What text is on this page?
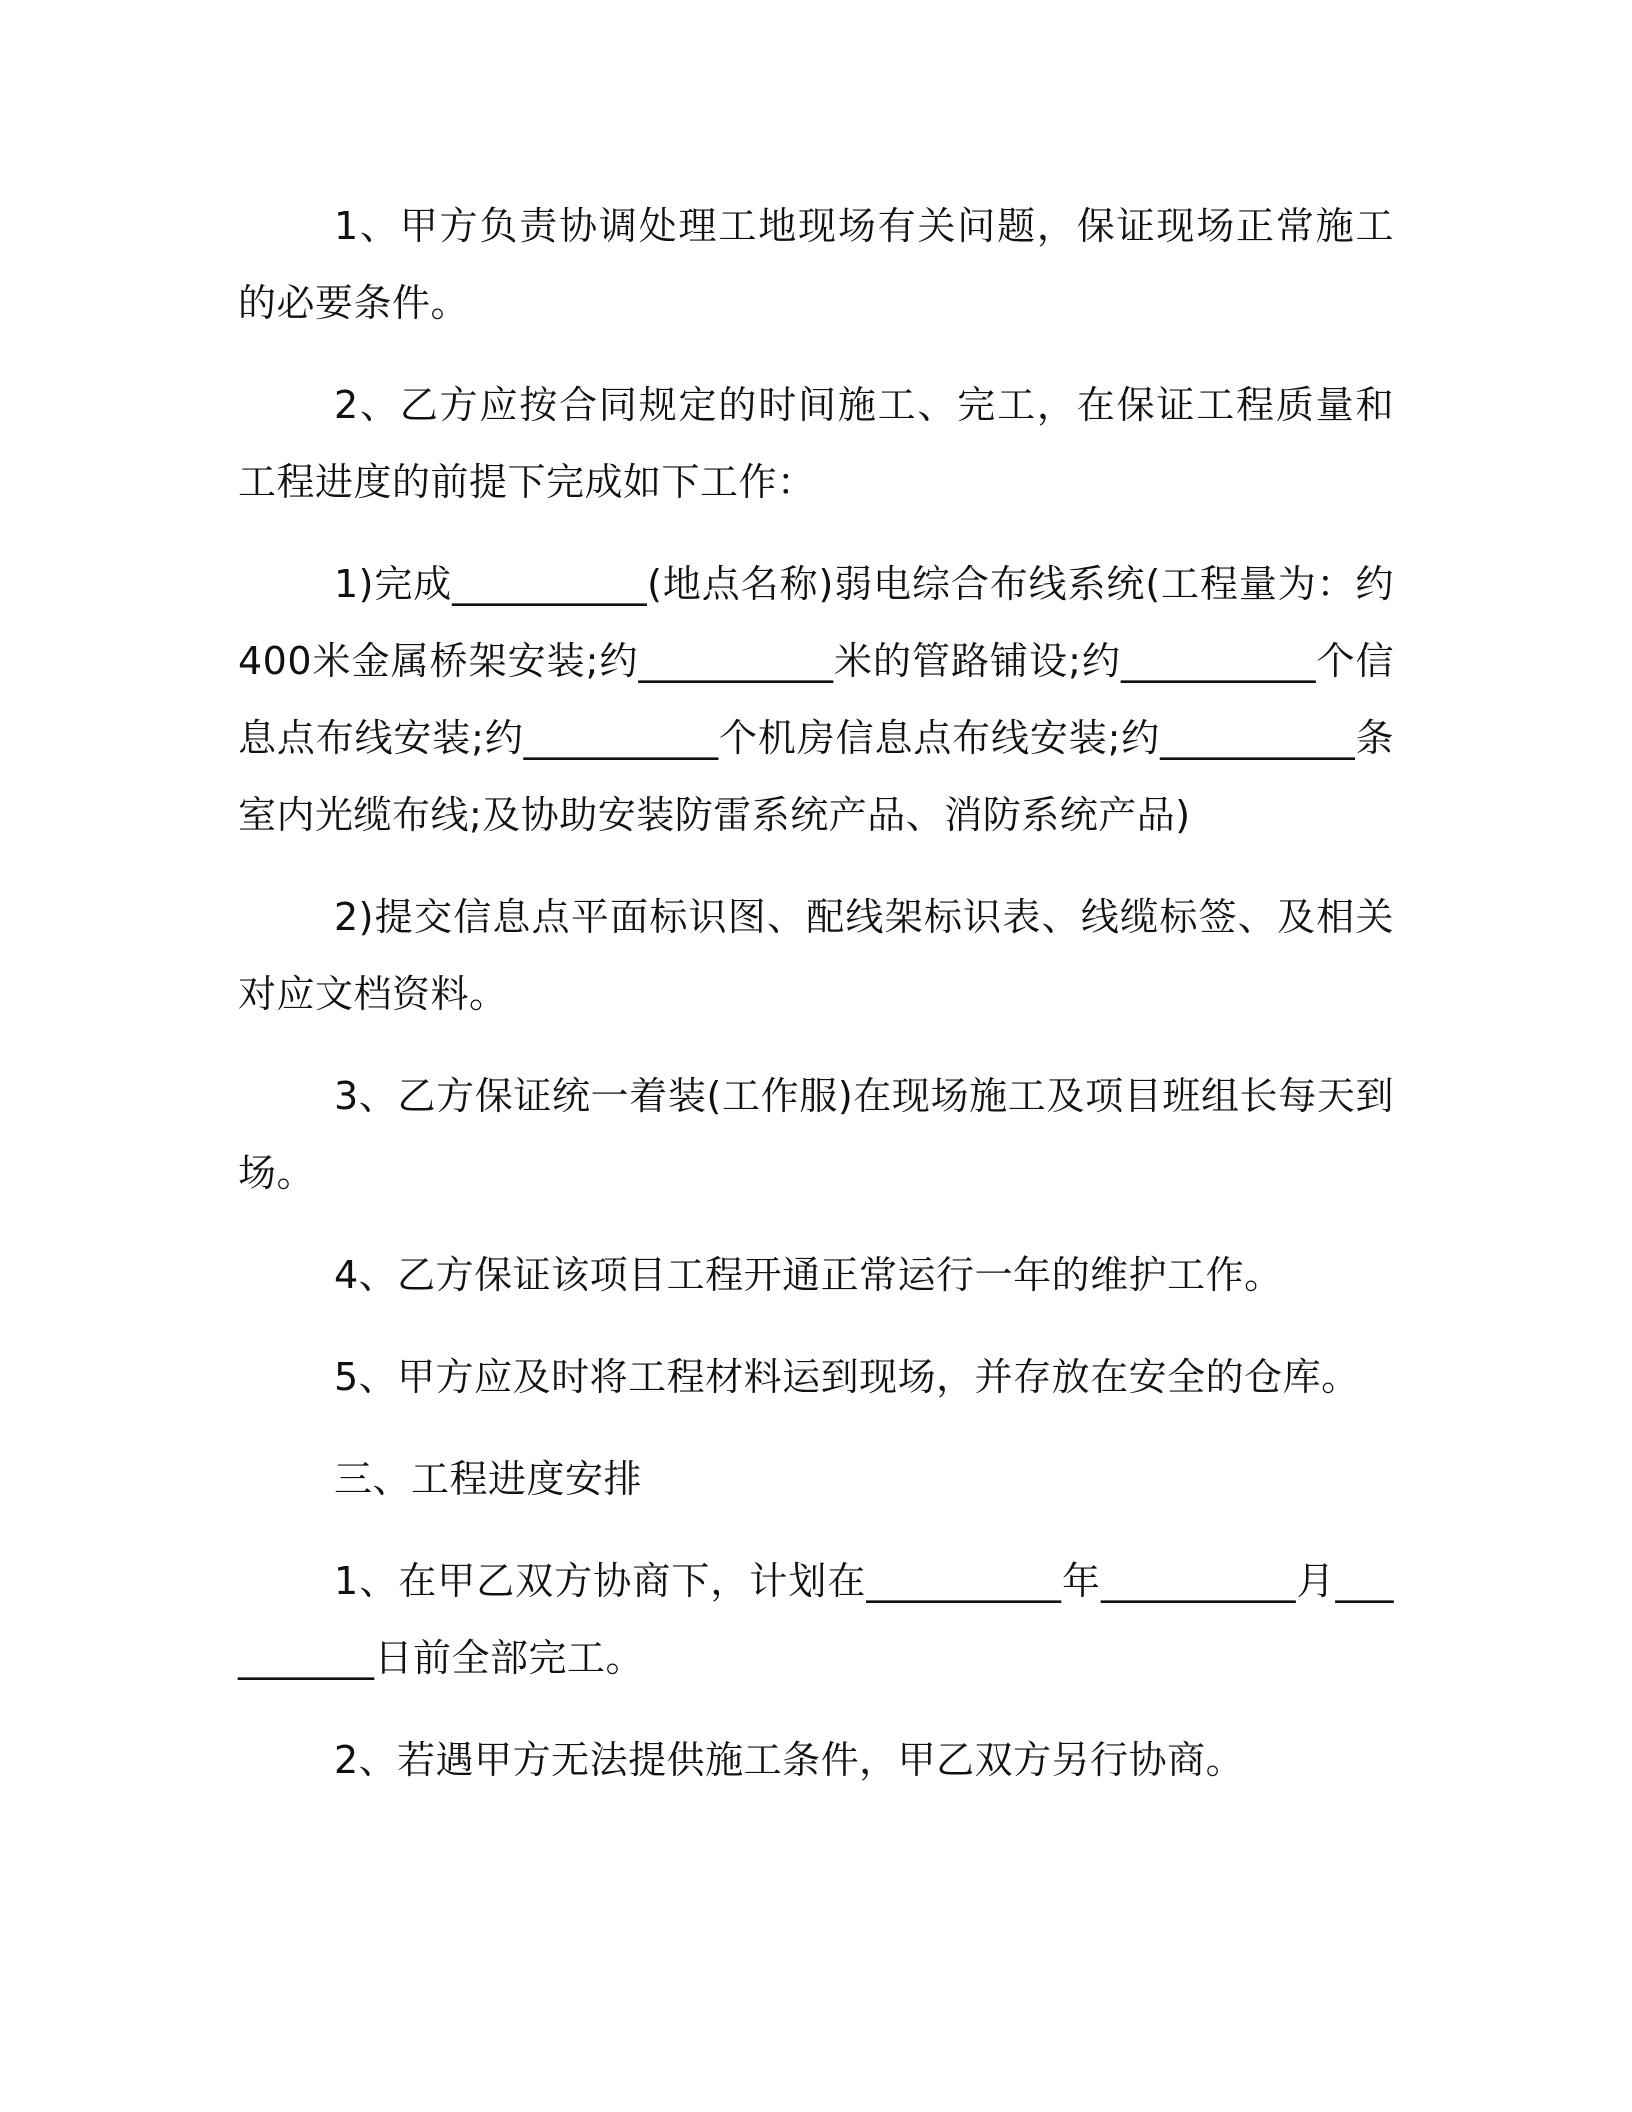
1、甲方负责协调处理工地现场有关问题，保证现场正常施工的必要条件。

2、乙方应按合同规定的时间施工、完工，在保证工程质量和工程进度的前提下完成如下工作：

1)完成__________(地点名称)弱电综合布线系统(工程量为：约400米金属桥架安装;约__________米的管路铺设;约__________个信息点布线安装;约__________个机房信息点布线安装;约__________条室内光缆布线;及协助安装防雷系统产品、消防系统产品)

2)提交信息点平面标识图、配线架标识表、线缆标签、及相关对应文档资料。

3、乙方保证统一着装(工作服)在现场施工及项目班组长每天到场。

4、乙方保证该项目工程开通正常运行一年的维护工作。

5、甲方应及时将工程材料运到现场，并存放在安全的仓库。

三、工程进度安排

1、在甲乙双方协商下，计划在__________年__________月__________日前全部完工。

2、若遇甲方无法提供施工条件，甲乙双方另行协商。
